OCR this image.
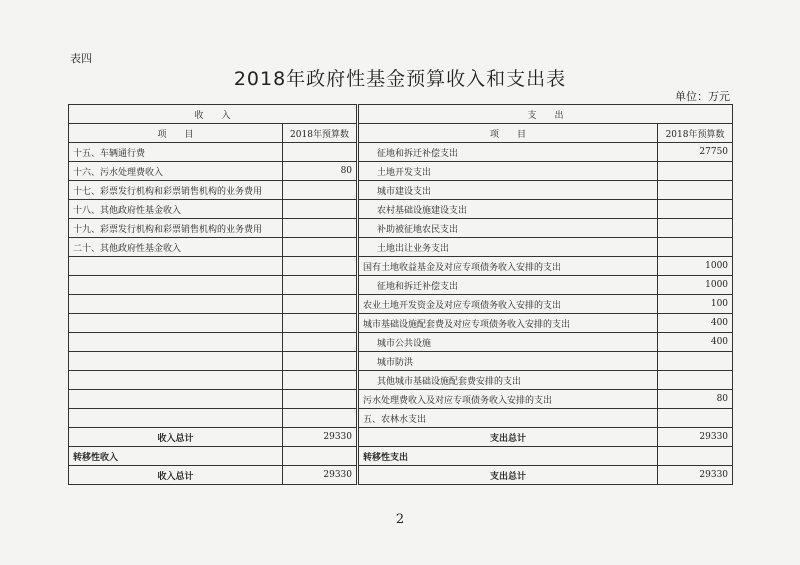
表四
2018年政府性基金预算收入和支出表
单位：万元
收　　入		支　　出	
项　　目	2018年预算数	项　　目	2018年预算数
十五、车辆通行费		征地和拆迁补偿支出	27750
十六、污水处理费收入	80	土地开发支出	
十七、彩票发行机构和彩票销售机构的业务费用		城市建设支出	
十八、其他政府性基金收入		农村基础设施建设支出	
十九、彩票发行机构和彩票销售机构的业务费用		补助被征地农民支出	
二十、其他政府性基金收入		土地出让业务支出	
		国有土地收益基金及对应专项债务收入安排的支出	1000
		征地和拆迁补偿支出	1000
		农业土地开发资金及对应专项债务收入安排的支出	100
		城市基础设施配套费及对应专项债务收入安排的支出	400
		城市公共设施	400
		城市防洪	
		其他城市基础设施配套费安排的支出	
		污水处理费收入及对应专项债务收入安排的支出	80
		五、农林水支出	
收入总计	29330	支出总计	29330
转移性收入		转移性支出	
收入总计	29330	支出总计	29330
2
